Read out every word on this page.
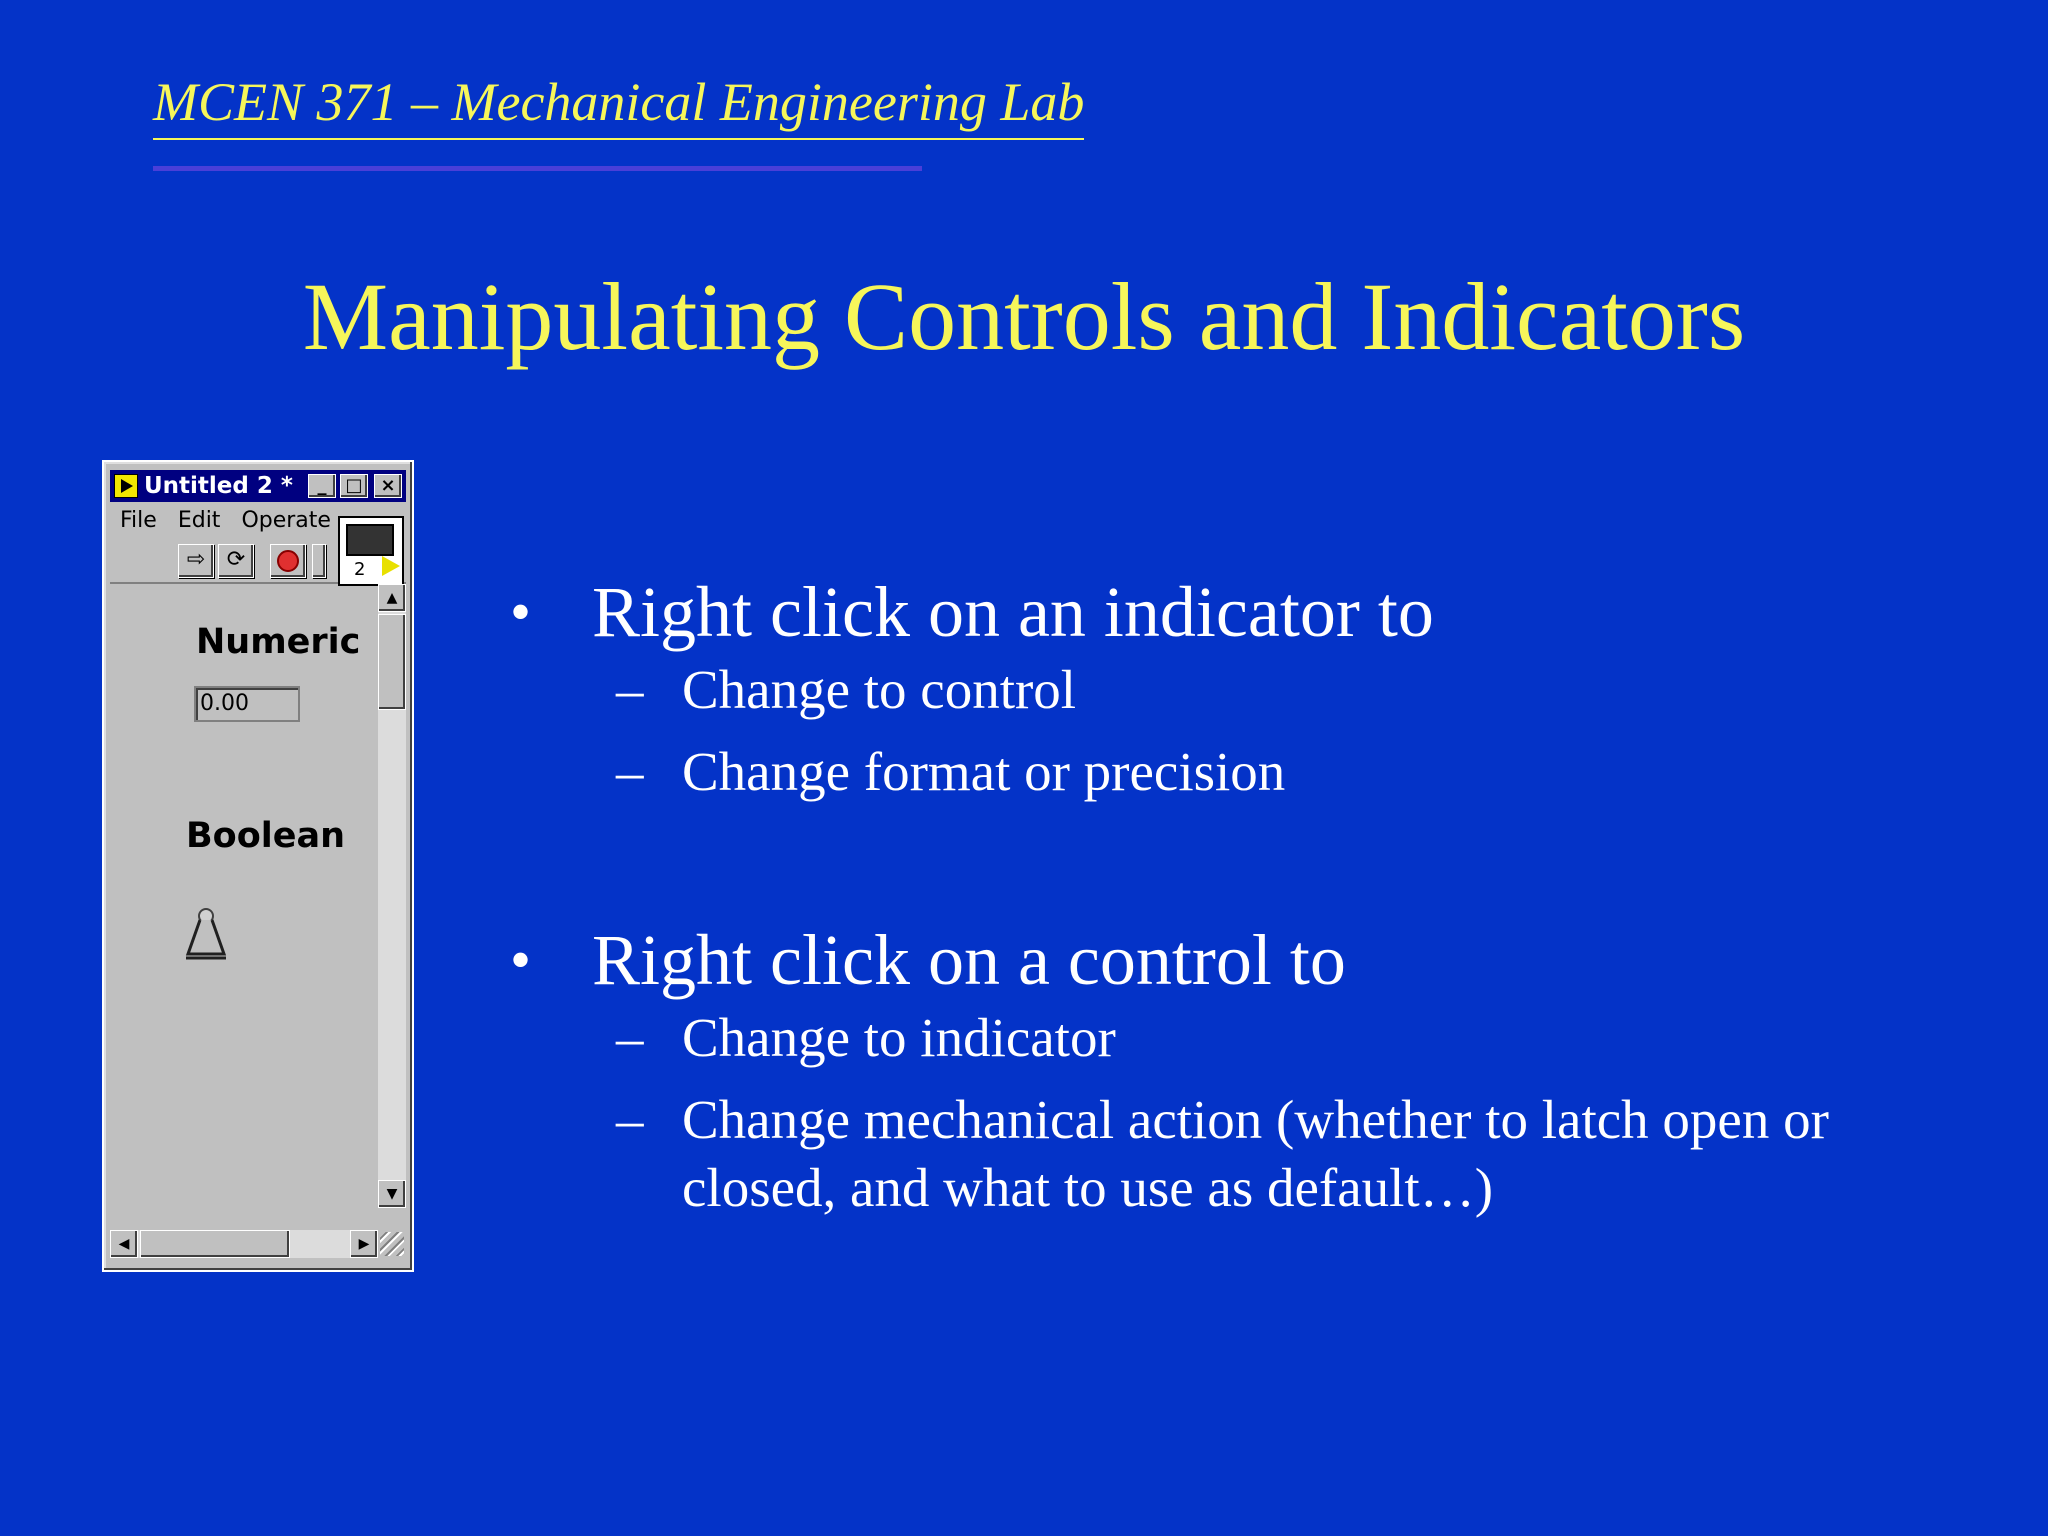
MCEN 371 – Mechanical Engineering Lab
Manipulating Controls and Indicators
Untitled 2 *	_	□ ×
File Edit Operate
⇨ ⟳	2
Numeric
0.00
Boolean
▲
▼
◀	▶
• Right click on an indicator to
– Change to control
– Change format or precision
• Right click on a control to
– Change to indicator
– Change mechanical action (whether to latch open or closed, and what to use as default…)
